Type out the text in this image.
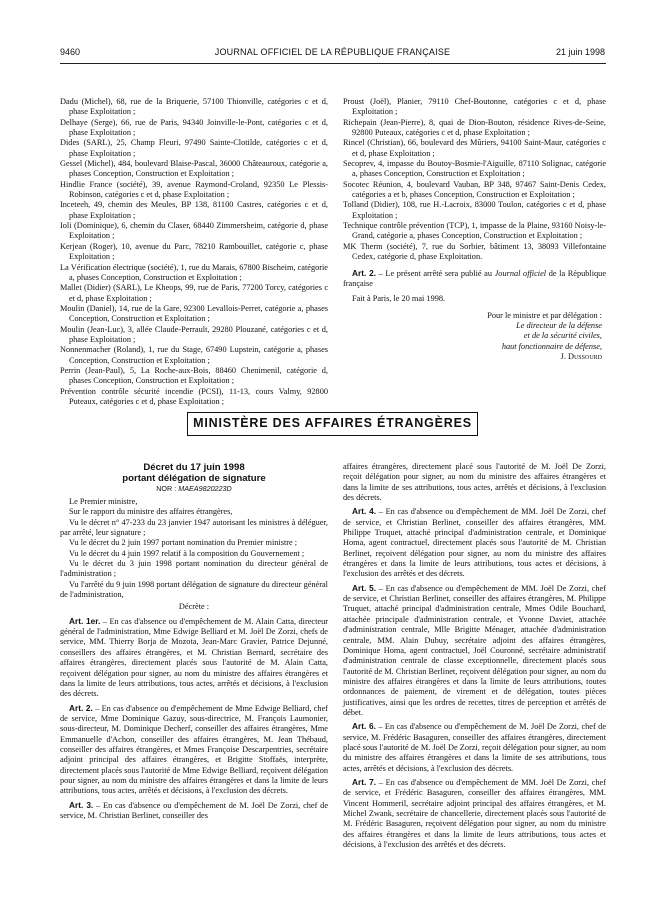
9460	JOURNAL OFFICIEL DE LA RÉPUBLIQUE FRANÇAISE	21 juin 1998

Dadu (Michel), 68, rue de la Briquerie, 57100 Thionville, catégories c et d, phase Exploitation ;

Delhaye (Serge), 66, rue de Paris, 94340 Joinville-le-Pont, catégories c et d, phase Exploitation ;

Dides (SARL), 25, Champ Fleuri, 97490 Sainte-Clotilde, catégories c et d, phase Exploitation ;

Gessel (Michel), 484, boulevard Blaise-Pascal, 36000 Châteauroux, catégorie a, phases Conception, Construction et Exploitation ;

Hindlie France (société), 39, avenue Raymond-Croland, 92350 Le Plessis-Robinson, catégories c et d, phase Exploitation ;

Inceteeh, 49, chemin des Meules, BP 138, 81100 Castres, catégories c et d, phase Exploitation ;

Ioli (Dominique), 6, chemin du Claser, 68440 Zimmersheim, catégorie d, phase Exploitation ;

Kerjean (Roger), 10, avenue du Parc, 78210 Rambouillet, catégorie c, phase Exploitation ;

La Vérification électrique (société), 1, rue du Marais, 67800 Bischeim, catégorie a, phases Conception, Construction et Exploitation ;

Mallet (Didier) (SARL), Le Kheops, 99, rue de Paris, 77200 Torcy, catégories c et d, phase Exploitation ;

Moulin (Daniel), 14, rue de la Gare, 92300 Levallois-Perret, catégorie a, phases Conception, Construction et Exploitation ;

Moulin (Jean-Luc), 3, allée Claude-Perrault, 29280 Plouzané, catégories c et d, phase Exploitation ;

Nonnenmacher (Roland), 1, rue du Stage, 67490 Lupstein, catégorie a, phases Conception, Construction et Exploitation ;

Perrin (Jean-Paul), 5, La Roche-aux-Bois, 88460 Chenimenil, catégorie d, phases Conception, Construction et Exploitation ;

Prévention contrôle sécurité incendie (PCSI), 11-13, cours Valmy, 92800 Puteaux, catégories c et d, phase Exploitation ;

Proust (Joël), Planier, 79110 Chef-Boutonne, catégories c et d, phase Exploitation ;

Richepain (Jean-Pierre), 8, quai de Dion-Bouton, résidence Rives-de-Seine, 92800 Puteaux, catégories c et d, phase Exploitation ;

Rincel (Christian), 66, boulevard des Mûriers, 94100 Saint-Maur, catégories c et d, phase Exploitation ;

Secoprev, 4, impasse du Boutoy-Bosmie-l'Aiguille, 87110 Solignac, catégorie a, phases Conception, Construction et Exploitation ;

Socotec Réunion, 4, boulevard Vauban, BP 348, 97467 Saint-Denis Cedex, catégories a et b, phases Conception, Construction et Exploitation ;

Tolland (Didier), 108, rue H.-Lacroix, 83000 Toulon, catégories c et d, phase Exploitation ;

Technique contrôle prévention (TCP), 1, impasse de la Plaine, 93160 Noisy-le-Grand, catégorie a, phases Conception, Construction et Exploitation ;

MK Therm (société), 7, rue du Sorbier, bâtiment 13, 38093 Villefontaine Cedex, catégorie d, phase Exploitation.

Art. 2. – Le présent arrêté sera publié au Journal officiel de la République française

Fait à Paris, le 20 mai 1998.

Pour le ministre et par délégation :
Le directeur de la défense
et de la sécurité civiles,
haut fonctionnaire de défense,
J. Dussourd
MINISTÈRE DES AFFAIRES ÉTRANGÈRES
Décret du 17 juin 1998
portant délégation de signature
NOR : MAEA9820223D

Le Premier ministre,

Sur le rapport du ministre des affaires étrangères,

Vu le décret n° 47-233 du 23 janvier 1947 autorisant les ministres à déléguer, par arrêté, leur signature ;

Vu le décret du 2 juin 1997 portant nomination du Premier ministre ;

Vu le décret du 4 juin 1997 relatif à la composition du Gouvernement ;

Vu le décret du 3 juin 1998 portant nomination du directeur général de l'administration ;

Vu l'arrêté du 9 juin 1998 portant délégation de signature du directeur général de l'administration,

Décrète :

Art. 1er. – En cas d'absence ou d'empêchement de M. Alain Catta, directeur général de l'administration, Mme Edwige Belliard et M. Joël De Zorzi, chefs de service, MM. Thierry Borja de Mozota, Jean-Marc Gravier, Patrice Dejunné, conseillers des affaires étrangères, et M. Christian Bernard, secrétaire des affaires étrangères, directement placés sous l'autorité de M. Alain Catta, reçoivent délégation pour signer, au nom du ministre des affaires étrangères et dans la limite de leurs attributions, tous actes, arrêtés et décisions, à l'exclusion des décrets.

Art. 2. – En cas d'absence ou d'empêchement de Mme Edwige Belliard, chef de service, Mme Dominique Gazuy, sous-directrice, M. François Laumonier, sous-directeur, M. Dominique Decherf, conseiller des affaires étrangères, Mme Emmanuelle d'Achon, conseiller des affaires étrangères, M. Jean Thébaud, conseiller des affaires étrangères, et Mmes Françoise Descarpentries, secrétaire adjoint principal des affaires étrangères, et Brigitte Stoffaës, interprète, directement placés sous l'autorité de Mme Edwige Belliard, reçoivent délégation pour signer, au nom du ministre des affaires étrangères et dans la limite de leurs attributions, tous actes, arrêtés et décisions, à l'exclusion des décrets.

Art. 3. – En cas d'absence ou d'empêchement de M. Joël De Zorzi, chef de service, M. Christian Berlinet, conseiller des

affaires étrangères, directement placé sous l'autorité de M. Joël De Zorzi, reçoit délégation pour signer, au nom du ministre des affaires étrangères et dans la limite de ses attributions, tous actes, arrêtés et décisions, à l'exclusion des décrets.

Art. 4. – En cas d'absence ou d'empêchement de MM. Joël De Zorzi, chef de service, et Christian Berlinet, conseiller des affaires étrangères, MM. Philippe Truquet, attaché principal d'administration centrale, et Dominique Homa, agent contractuel, directement placés sous l'autorité de M. Christian Berlinet, reçoivent délégation pour signer, au nom du ministre des affaires étrangères et dans la limite de leurs attributions, tous actes et décisions, à l'exclusion des arrêtés et des décrets.

Art. 5. – En cas d'absence ou d'empêchement de MM. Joël De Zorzi, chef de service, et Christian Berlinet, conseiller des affaires étrangères, M. Philippe Truquet, attaché principal d'administration centrale, Mmes Odile Bouchard, attachée principale d'administration centrale, et Yvonne Daviet, attachée d'administration centrale, Mlle Brigitte Ménager, attachée d'administration centrale, MM. Alain Dubuy, secrétaire adjoint des affaires étrangères, Dominique Homa, agent contractuel, Joël Couronné, secrétaire administratif d'administration centrale de classe exceptionnelle, directement placés sous l'autorité de M. Christian Berlinet, reçoivent délégation pour signer, au nom du ministre des affaires étrangères et dans la limite de leurs attributions, toutes ordonnances de paiement, de virement et de délégation, toutes pièces justificatives, ainsi que les ordres de recettes, titres de perception et arrêtés de débet.

Art. 6. – En cas d'absence ou d'empêchement de M. Joël De Zorzi, chef de service, M. Frédéric Basaguren, conseiller des affaires étrangères, directement placé sous l'autorité de M. Joël De Zorzi, reçoit délégation pour signer, au nom du ministre des affaires étrangères et dans la limite de ses attributions, tous actes, arrêtés et décisions, à l'exclusion des décrets.

Art. 7. – En cas d'absence ou d'empêchement de MM. Joël De Zorzi, chef de service, et Frédéric Basaguren, conseiller des affaires étrangères, MM. Vincent Hommeril, secrétaire adjoint principal des affaires étrangères, et M. Michel Zwank, secrétaire de chancellerie, directement placés sous l'autorité de M. Frédéric Basaguren, reçoivent délégation pour signer, au nom du ministre des affaires étrangères et dans la limite de leurs attributions, tous actes et décisions, à l'exclusion des arrêtés et des décrets.
